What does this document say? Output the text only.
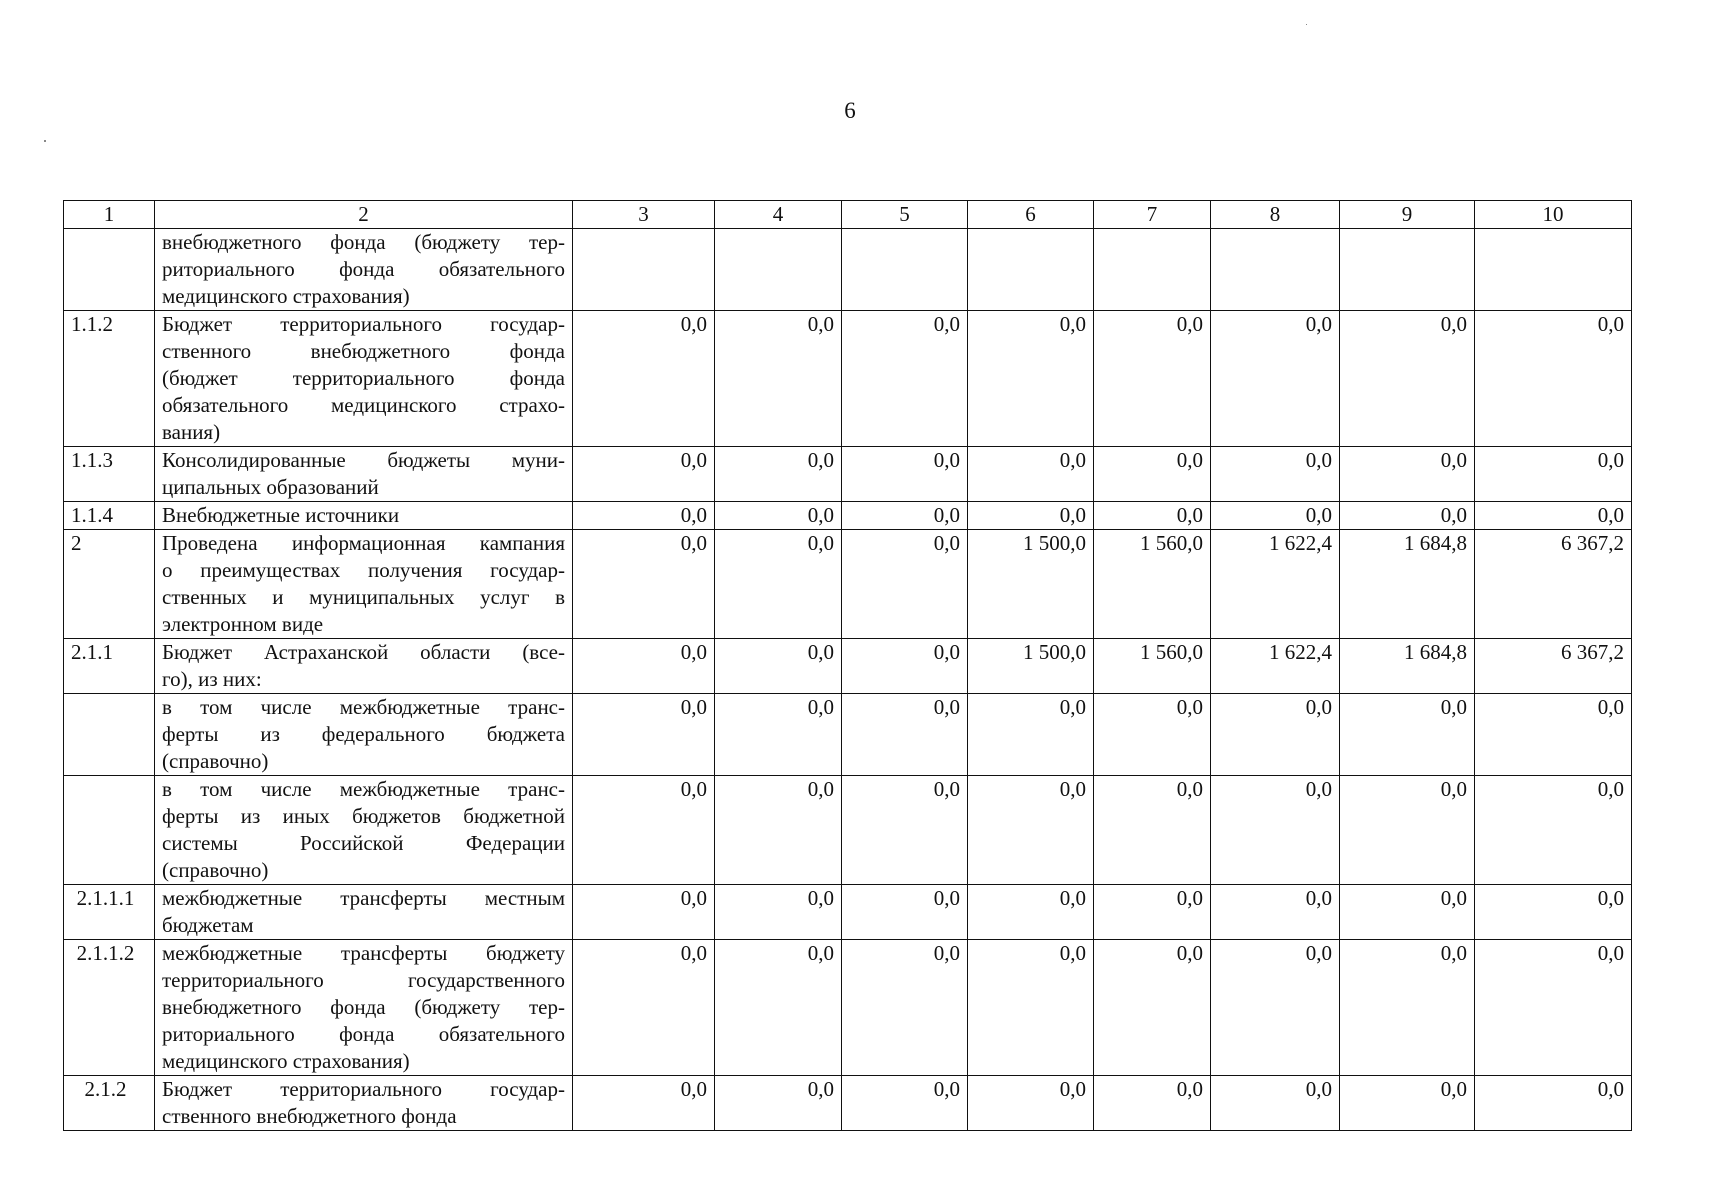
6
1	2	3	4	5	6	7	8	9	10

	внебюджетного фонда (бюджету тер-
риториального фонда обязательного
медицинского страхования)								

1.1.2	Бюджет территориального государ-
ственного внебюджетного фонда
(бюджет территориального фонда
обязательного медицинского страхо-
вания)	0,0	0,0	0,0	0,0	0,0	0,0	0,0	0,0
1.1.3	Консолидированные бюджеты муни-
ципальных образований	0,0	0,0	0,0	0,0	0,0	0,0	0,0	0,0
1.1.4	Внебюджетные источники	0,0	0,0	0,0	0,0	0,0	0,0	0,0	0,0
2	Проведена информационная кампания
о преимуществах получения государ-
ственных и муниципальных услуг в
электронном виде	0,0	0,0	0,0	1 500,0	1 560,0	1 622,4	1 684,8	6 367,2
2.1.1	Бюджет Астраханской области (все-
го), из них:	0,0	0,0	0,0	1 500,0	1 560,0	1 622,4	1 684,8	6 367,2

	в том числе межбюджетные транс-
ферты из федерального бюджета
(справочно)	0,0	0,0	0,0	0,0	0,0	0,0	0,0	0,0

	в том числе межбюджетные транс-
ферты из иных бюджетов бюджетной
системы Российской Федерации
(справочно)	0,0	0,0	0,0	0,0	0,0	0,0	0,0	0,0
2.1.1.1	межбюджетные трансферты местным
бюджетам	0,0	0,0	0,0	0,0	0,0	0,0	0,0	0,0
2.1.1.2	межбюджетные трансферты бюджету
территориального государственного
внебюджетного фонда (бюджету тер-
риториального фонда обязательного
медицинского страхования)	0,0	0,0	0,0	0,0	0,0	0,0	0,0	0,0
2.1.2	Бюджет территориального государ-
ственного внебюджетного фонда	0,0	0,0	0,0	0,0	0,0	0,0	0,0	0,0
